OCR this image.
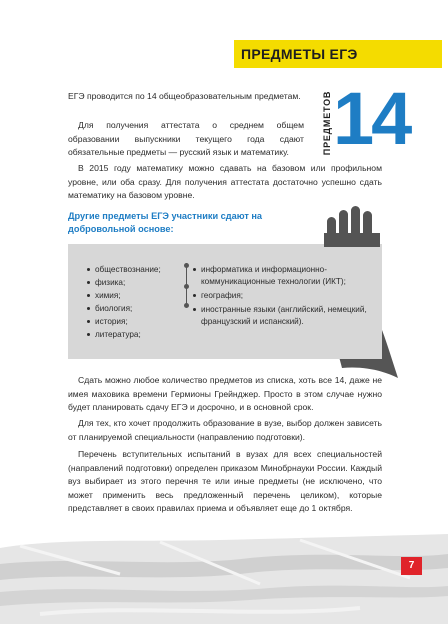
ПРЕДМЕТЫ ЕГЭ

ЕГЭ проводится по 14 общеобразовательным предметам.

Для получения аттестата о среднем общем образовании выпускники текущего года сдают обязательные предметы — русский язык и математику.

В 2015 году математику можно сдавать на базовом или профильном уровне, или оба сразу. Для получения аттестата достаточно успешно сдать математику на базовом уровне.

ПРЕДМЕТОВ 14
Другие предметы ЕГЭ участники сдают на добровольной основе:
обществознание;
физика;
химия;
биология;
история;
литература;
информатика и информационно-коммуникационные технологии (ИКТ);
география;
иностранные языки (английский, немецкий, французский и испанский).

Сдать можно любое количество предметов из списка, хоть все 14, даже не имея маховика времени Гермионы Грейнджер. Просто в этом случае нужно будет планировать сдачу ЕГЭ и досрочно, и в основной срок.

Для тех, кто хочет продолжить образование в вузе, выбор должен зависеть от планируемой специальности (направлению подготовки).

Перечень вступительных испытаний в вузах для всех специальностей (направлений подготовки) определен приказом Минобрнауки России. Каждый вуз выбирает из этого перечня те или иные предметы (не исключено, что может применить весь предложенный перечень целиком), которые представляет в своих правилах приема и объявляет еще до 1 октября.

7
